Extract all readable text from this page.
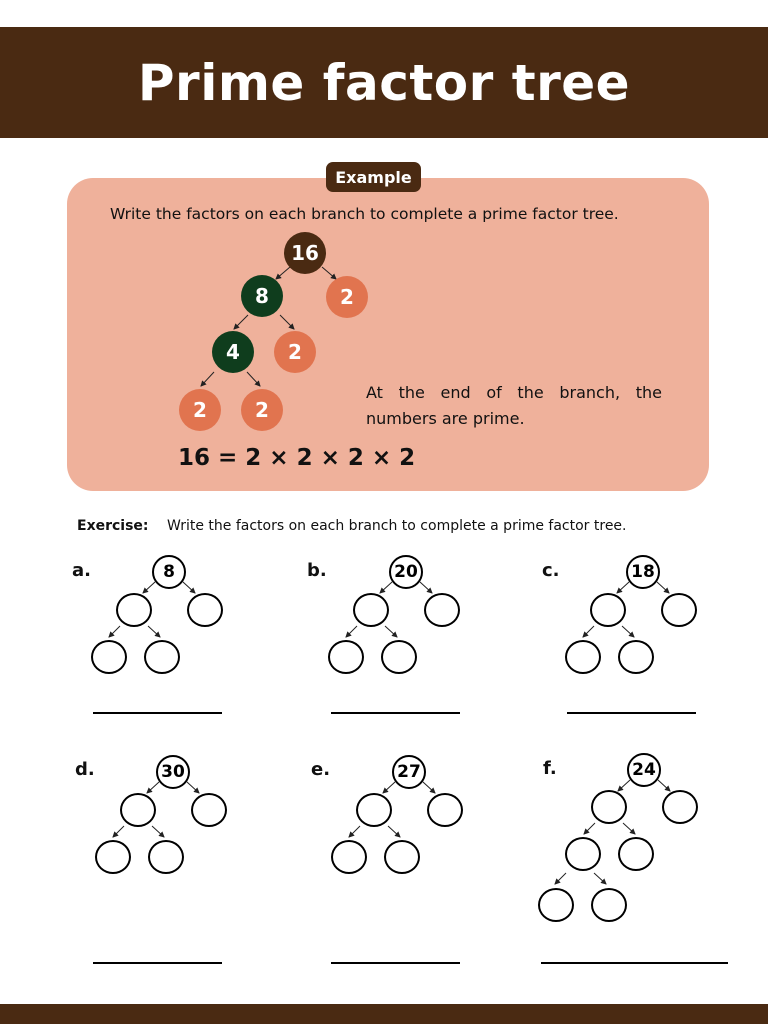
Prime factor tree
Example
Write the factors on each branch to complete a prime factor tree.
16
8	2
4	2
2	2
At the end of the branch, the numbers are prime.
16 = 2 × 2 × 2 × 2
Exercise: Write the factors on each branch to complete a prime factor tree.
a.	8	b.	20	c.	18
d.	30	e.	27	f.	24
